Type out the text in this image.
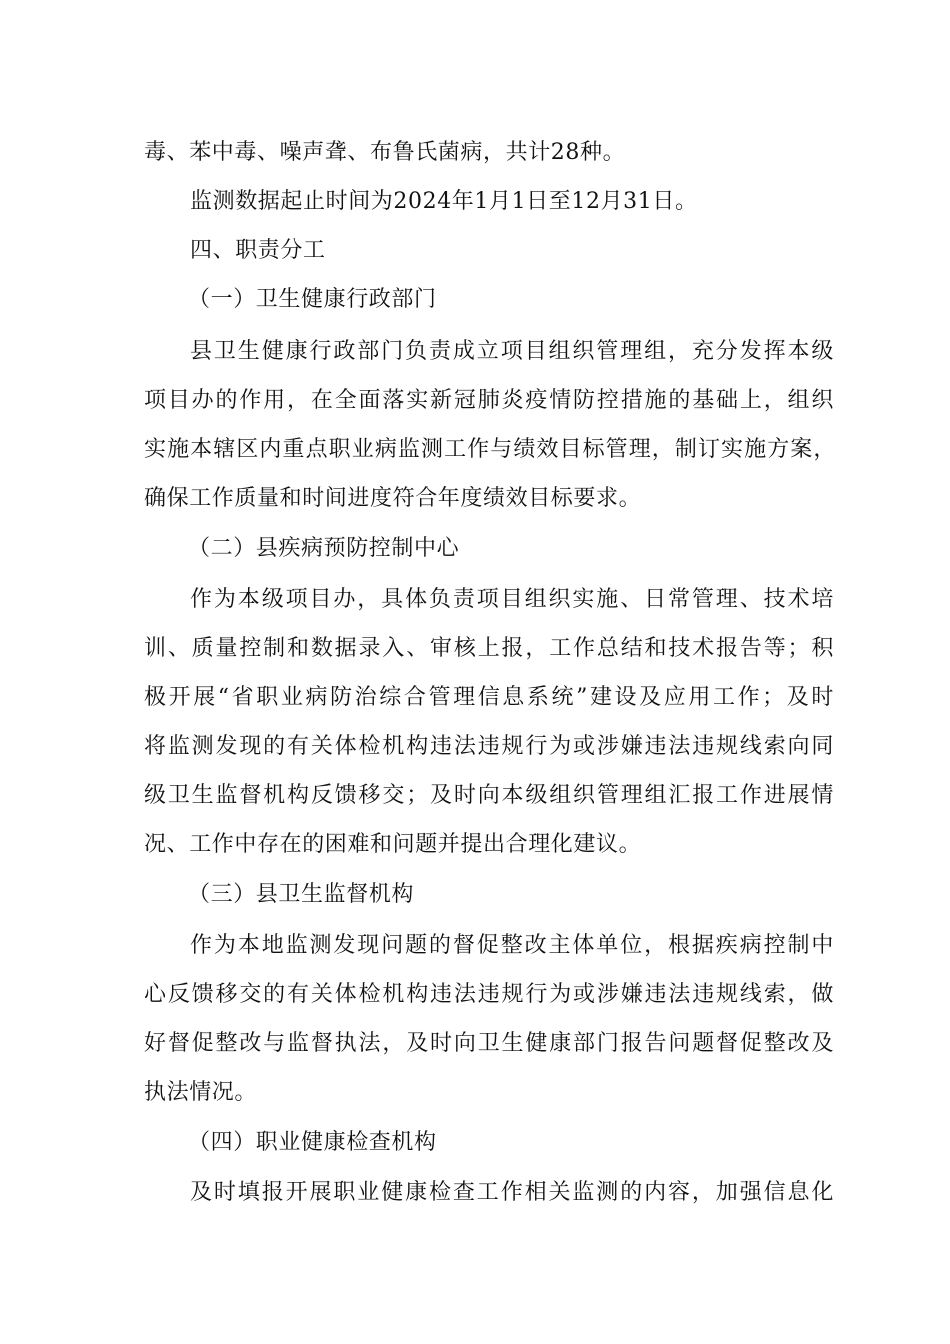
毒、苯中毒、噪声聋、布鲁氏菌病，共计28种。
监测数据起止时间为2024年1月1日至12月31日。
四、职责分工
（一）卫生健康行政部门
县卫生健康行政部门负责成立项目组织管理组，充分发挥本级
项目办的作用，在全面落实新冠肺炎疫情防控措施的基础上，组织
实施本辖区内重点职业病监测工作与绩效目标管理，制订实施方案，
确保工作质量和时间进度符合年度绩效目标要求。
（二）县疾病预防控制中心
作为本级项目办，具体负责项目组织实施、日常管理、技术培
训、质量控制和数据录入、审核上报，工作总结和技术报告等；积
极开展“省职业病防治综合管理信息系统”建设及应用工作；及时
将监测发现的有关体检机构违法违规行为或涉嫌违法违规线索向同
级卫生监督机构反馈移交；及时向本级组织管理组汇报工作进展情
况、工作中存在的困难和问题并提出合理化建议。
（三）县卫生监督机构
作为本地监测发现问题的督促整改主体单位，根据疾病控制中
心反馈移交的有关体检机构违法违规行为或涉嫌违法违规线索，做
好督促整改与监督执法，及时向卫生健康部门报告问题督促整改及
执法情况。
（四）职业健康检查机构
及时填报开展职业健康检查工作相关监测的内容，加强信息化
